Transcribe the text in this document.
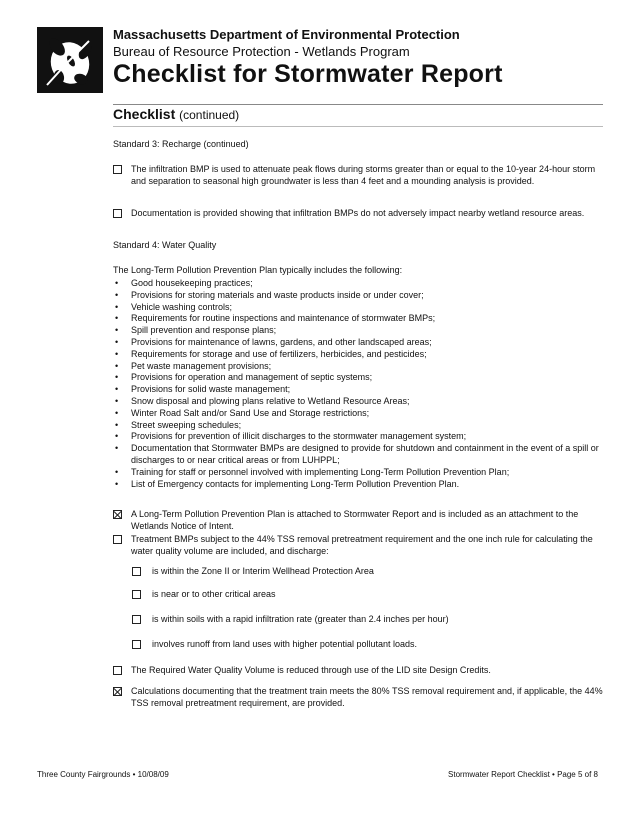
Massachusetts Department of Environmental Protection
Bureau of Resource Protection - Wetlands Program
Checklist for Stormwater Report
Checklist (continued)
Standard 3: Recharge (continued)
The infiltration BMP is used to attenuate peak flows during storms greater than or equal to the 10-year 24-hour storm and separation to seasonal high groundwater is less than 4 feet and a mounding analysis is provided.
Documentation is provided showing that infiltration BMPs do not adversely impact nearby wetland resource areas.
Standard 4: Water Quality
The Long-Term Pollution Prevention Plan typically includes the following:
• Good housekeeping practices;
• Provisions for storing materials and waste products inside or under cover;
• Vehicle washing controls;
• Requirements for routine inspections and maintenance of stormwater BMPs;
• Spill prevention and response plans;
• Provisions for maintenance of lawns, gardens, and other landscaped areas;
• Requirements for storage and use of fertilizers, herbicides, and pesticides;
• Pet waste management provisions;
• Provisions for operation and management of septic systems;
• Provisions for solid waste management;
• Snow disposal and plowing plans relative to Wetland Resource Areas;
• Winter Road Salt and/or Sand Use and Storage restrictions;
• Street sweeping schedules;
• Provisions for prevention of illicit discharges to the stormwater management system;
• Documentation that Stormwater BMPs are designed to provide for shutdown and containment in the event of a spill or discharges to or near critical areas or from LUHPPL;
• Training for staff or personnel involved with implementing Long-Term Pollution Prevention Plan;
• List of Emergency contacts for implementing Long-Term Pollution Prevention Plan.
A Long-Term Pollution Prevention Plan is attached to Stormwater Report and is included as an attachment to the Wetlands Notice of Intent.
Treatment BMPs subject to the 44% TSS removal pretreatment requirement and the one inch rule for calculating the water quality volume are included, and discharge:
is within the Zone II or Interim Wellhead Protection Area
is near or to other critical areas
is within soils with a rapid infiltration rate (greater than 2.4 inches per hour)
involves runoff from land uses with higher potential pollutant loads.
The Required Water Quality Volume is reduced through use of the LID site Design Credits.
Calculations documenting that the treatment train meets the 80% TSS removal requirement and, if applicable, the 44% TSS removal pretreatment requirement, are provided.
Three County Fairgrounds • 10/08/09	Stormwater Report Checklist • Page 5 of 8
